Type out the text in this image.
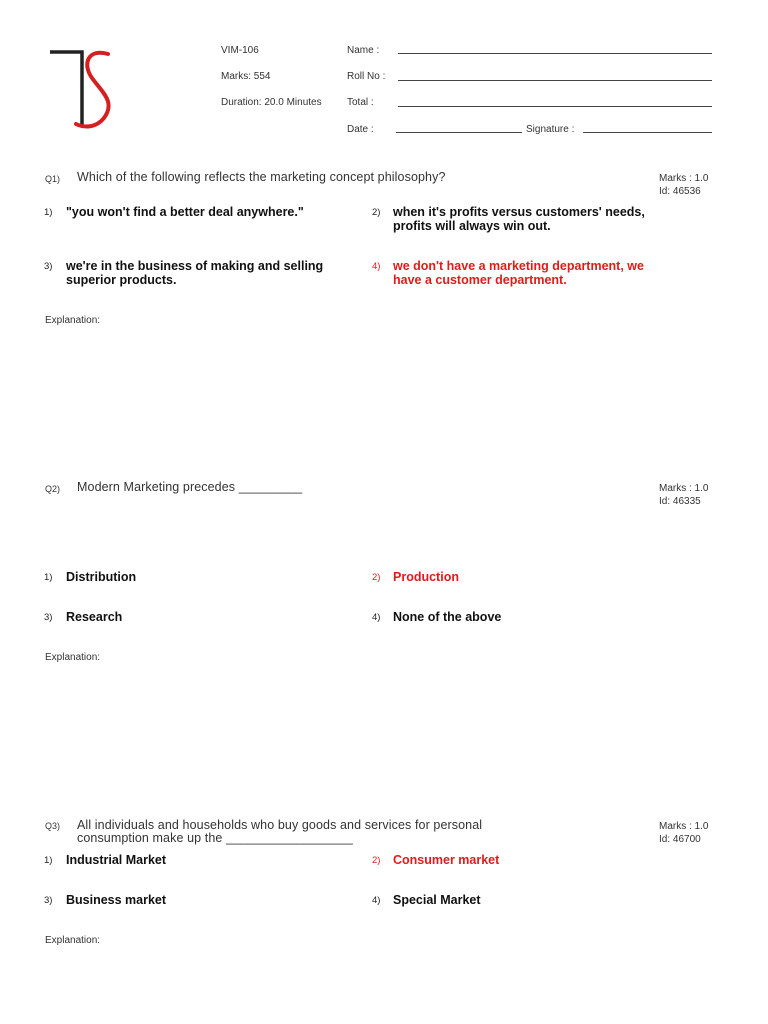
VIM-106
Marks: 554
Duration: 20.0 Minutes
Name :
Roll No :
Total :
Date :	Signature :
Q1) Which of the following reflects the marketing concept philosophy?	Marks : 1.0
Id: 46536
1) "you won't find a better deal anywhere."	2) when it's profits versus customers' needs, profits will always win out.
3) we're in the business of making and selling superior products.
4) we don't have a marketing department, we have a customer department.
Explanation:
Q2) Modern Marketing precedes _________	Marks : 1.0
Id: 46335
1) Distribution	2) Production
3) Research	4) None of the above
Explanation:
Q3) All individuals and households who buy goods and services for personal consumption make up the __________________
Marks : 1.0
Id: 46700
1) Industrial Market	2) Consumer market
3) Business market	4) Special Market
Explanation:
